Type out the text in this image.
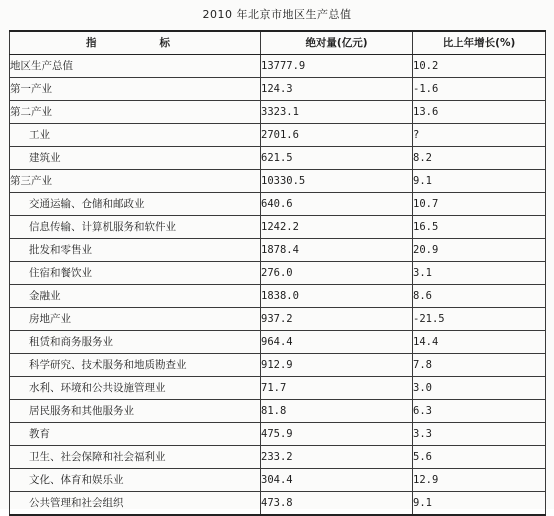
2010 年北京市地区生产总值
指　　标	绝对量(亿元)	比上年增长(%)
地区生产总值	13777.9	10.2
第一产业	124.3	-1.6
第二产业	3323.1	13.6
工业	2701.6	?
建筑业	621.5	8.2
第三产业	10330.5	9.1
交通运输、仓储和邮政业	640.6	10.7
信息传输、计算机服务和软件业	1242.2	16.5
批发和零售业	1878.4	20.9
住宿和餐饮业	276.0	3.1
金融业	1838.0	8.6
房地产业	937.2	-21.5
租赁和商务服务业	964.4	14.4
科学研究、技术服务和地质勘查业	912.9	7.8
水利、环境和公共设施管理业	71.7	3.0
居民服务和其他服务业	81.8	6.3
教育	475.9	3.3
卫生、社会保障和社会福利业	233.2	5.6
文化、体育和娱乐业	304.4	12.9
公共管理和社会组织	473.8	9.1
